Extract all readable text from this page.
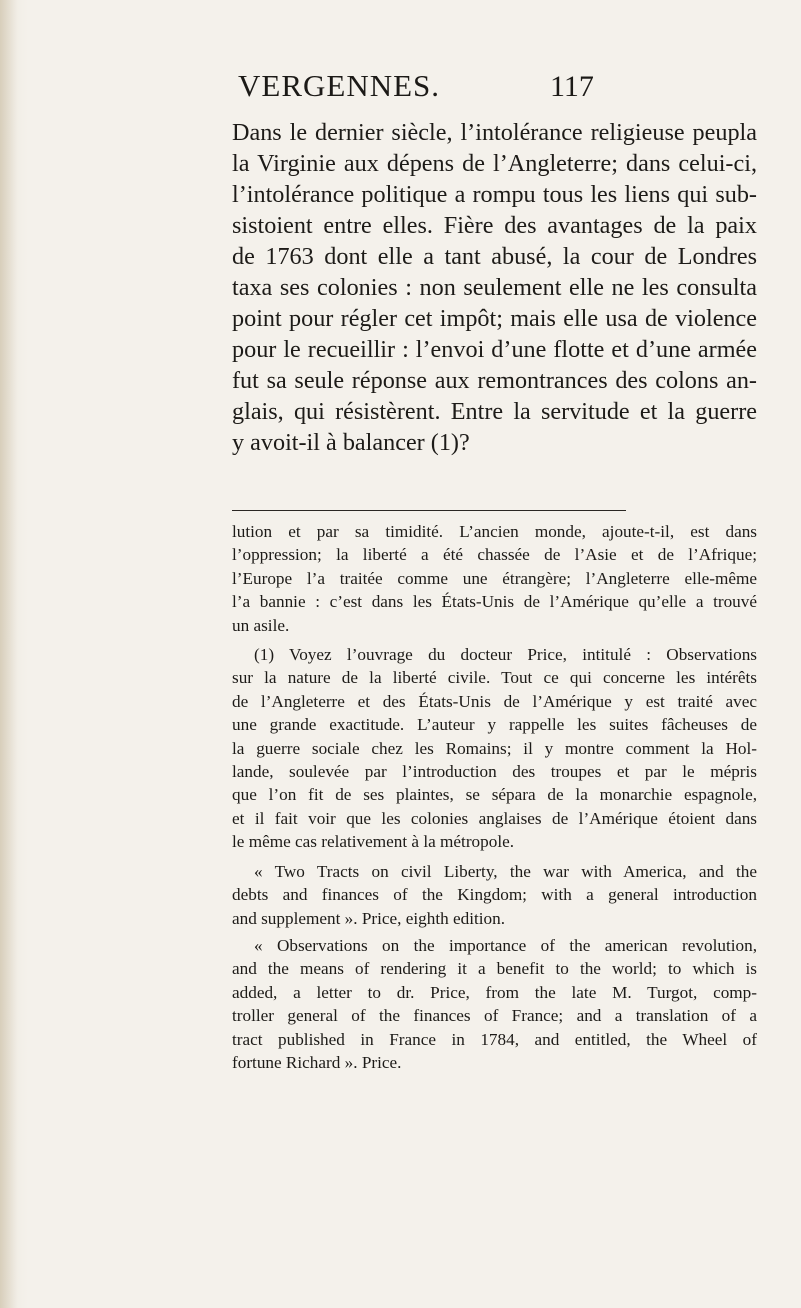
VERGENNES.	117
Dans le dernier siècle, l’intolérance religieuse peupla
la Virginie aux dépens de l’Angleterre; dans celui-ci,
l’intolérance politique a rompu tous les liens qui sub-
sistoient entre elles. Fière des avantages de la paix
de 1763 dont elle a tant abusé, la cour de Londres
taxa ses colonies : non seulement elle ne les consulta
point pour régler cet impôt; mais elle usa de violence
pour le recueillir : l’envoi d’une flotte et d’une armée
fut sa seule réponse aux remontrances des colons an-
glais, qui résistèrent. Entre la servitude et la guerre
y avoit-il à balancer (1)?
lution et par sa timidité. L’ancien monde, ajoute-t-il, est dans
l’oppression; la liberté a été chassée de l’Asie et de l’Afrique;
l’Europe l’a traitée comme une étrangère; l’Angleterre elle-même
l’a bannie : c’est dans les États-Unis de l’Amérique qu’elle a trouvé
un asile.
(1) Voyez l’ouvrage du docteur Price, intitulé : Observations
sur la nature de la liberté civile. Tout ce qui concerne les intérêts
de l’Angleterre et des États-Unis de l’Amérique y est traité avec
une grande exactitude. L’auteur y rappelle les suites fâcheuses de
la guerre sociale chez les Romains; il y montre comment la Hol-
lande, soulevée par l’introduction des troupes et par le mépris
que l’on fit de ses plaintes, se sépara de la monarchie espagnole,
et il fait voir que les colonies anglaises de l’Amérique étoient dans
le même cas relativement à la métropole.
« Two Tracts on civil Liberty, the war with America, and the
debts and finances of the Kingdom; with a general introduction
and supplement ». Price, eighth edition.
« Observations on the importance of the american revolution,
and the means of rendering it a benefit to the world; to which is
added, a letter to dr. Price, from the late M. Turgot, comp-
troller general of the finances of France; and a translation of a
tract published in France in 1784, and entitled, the Wheel of
fortune Richard ». Price.
